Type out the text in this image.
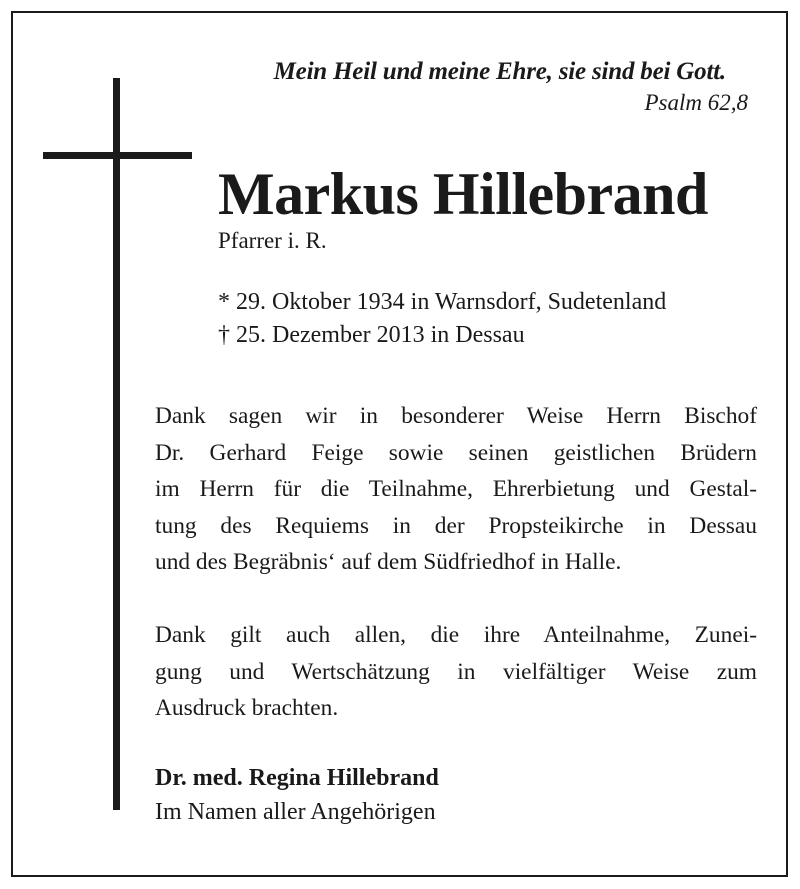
Mein Heil und meine Ehre, sie sind bei Gott.
Psalm 62,8
Markus Hillebrand
Pfarrer i. R.
* 29. Oktober 1934 in Warnsdorf, Sudetenland
† 25. Dezember 2013 in Dessau
Dank sagen wir in besonderer Weise Herrn Bischof
Dr. Gerhard Feige sowie seinen geistlichen Brüdern
im Herrn für die Teilnahme, Ehrerbietung und Gestal-
tung des Requiems in der Propsteikirche in Dessau
und des Begräbnis‘ auf dem Südfriedhof in Halle.
Dank gilt auch allen, die ihre Anteilnahme, Zunei-
gung und Wertschätzung in vielfältiger Weise zum
Ausdruck brachten.
Dr. med. Regina Hillebrand
Im Namen aller Angehörigen
